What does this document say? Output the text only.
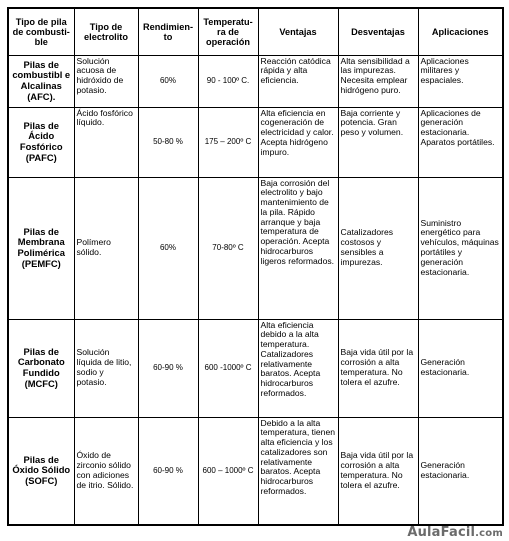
Tipo de pila de combusti-ble	Tipo de electrolito	Rendimien-to	Temperatu-ra de operación	Ventajas	Desventajas	Aplicaciones
Pilas de combustibl e Alcalinas (AFC).	Solución acuosa de hidróxido de potasio.	60%	90 - 100º C.	Reacción catódica rápida y alta eficiencia.	Alta sensibilidad a las impurezas. Necesita emplear hidrógeno puro.	Aplicaciones militares y espaciales.
Pilas de Ácido Fosfórico (PAFC)	Ácido fosfórico líquido.	50-80 %	175 – 200º C	Alta eficiencia en cogeneración de electricidad y calor. Acepta hidrógeno impuro.	Baja corriente y potencia. Gran peso y volumen.	Aplicaciones de generación estacionaria. Aparatos portátiles.
Pilas de Membrana Polimérica (PEMFC)	Polímero sólido.	60%	70-80º C	Baja corrosión del electrolito y bajo mantenimiento de la pila. Rápido arranque y baja temperatura de operación. Acepta hidrocarburos ligeros reformados.	Catalizadores costosos y sensibles a impurezas.	Suministro energético para vehículos, máquinas portátiles y generación estacionaria.
Pilas de Carbonato Fundido (MCFC)	Solución líquida de litio, sodio y potasio.	60-90 %	600 -1000º C	Alta eficiencia debido a la alta temperatura. Catalizadores relativamente baratos. Acepta hidrocarburos reformados.	Baja vida útil por la corrosión a alta temperatura. No tolera el azufre.	Generación estacionaria.
Pilas de Óxido Sólido (SOFC)	Óxido de zirconio sólido con adiciones de itrio. Sólido.	60-90 %	600 – 1000º C	Debido a la alta temperatura, tienen alta eficiencia y los catalizadores son relativamente baratos. Acepta hidrocarburos reformados.	Baja vida útil por la corrosión a alta temperatura. No tolera el azufre.	Generación estacionaria.
AulaFacil.com
